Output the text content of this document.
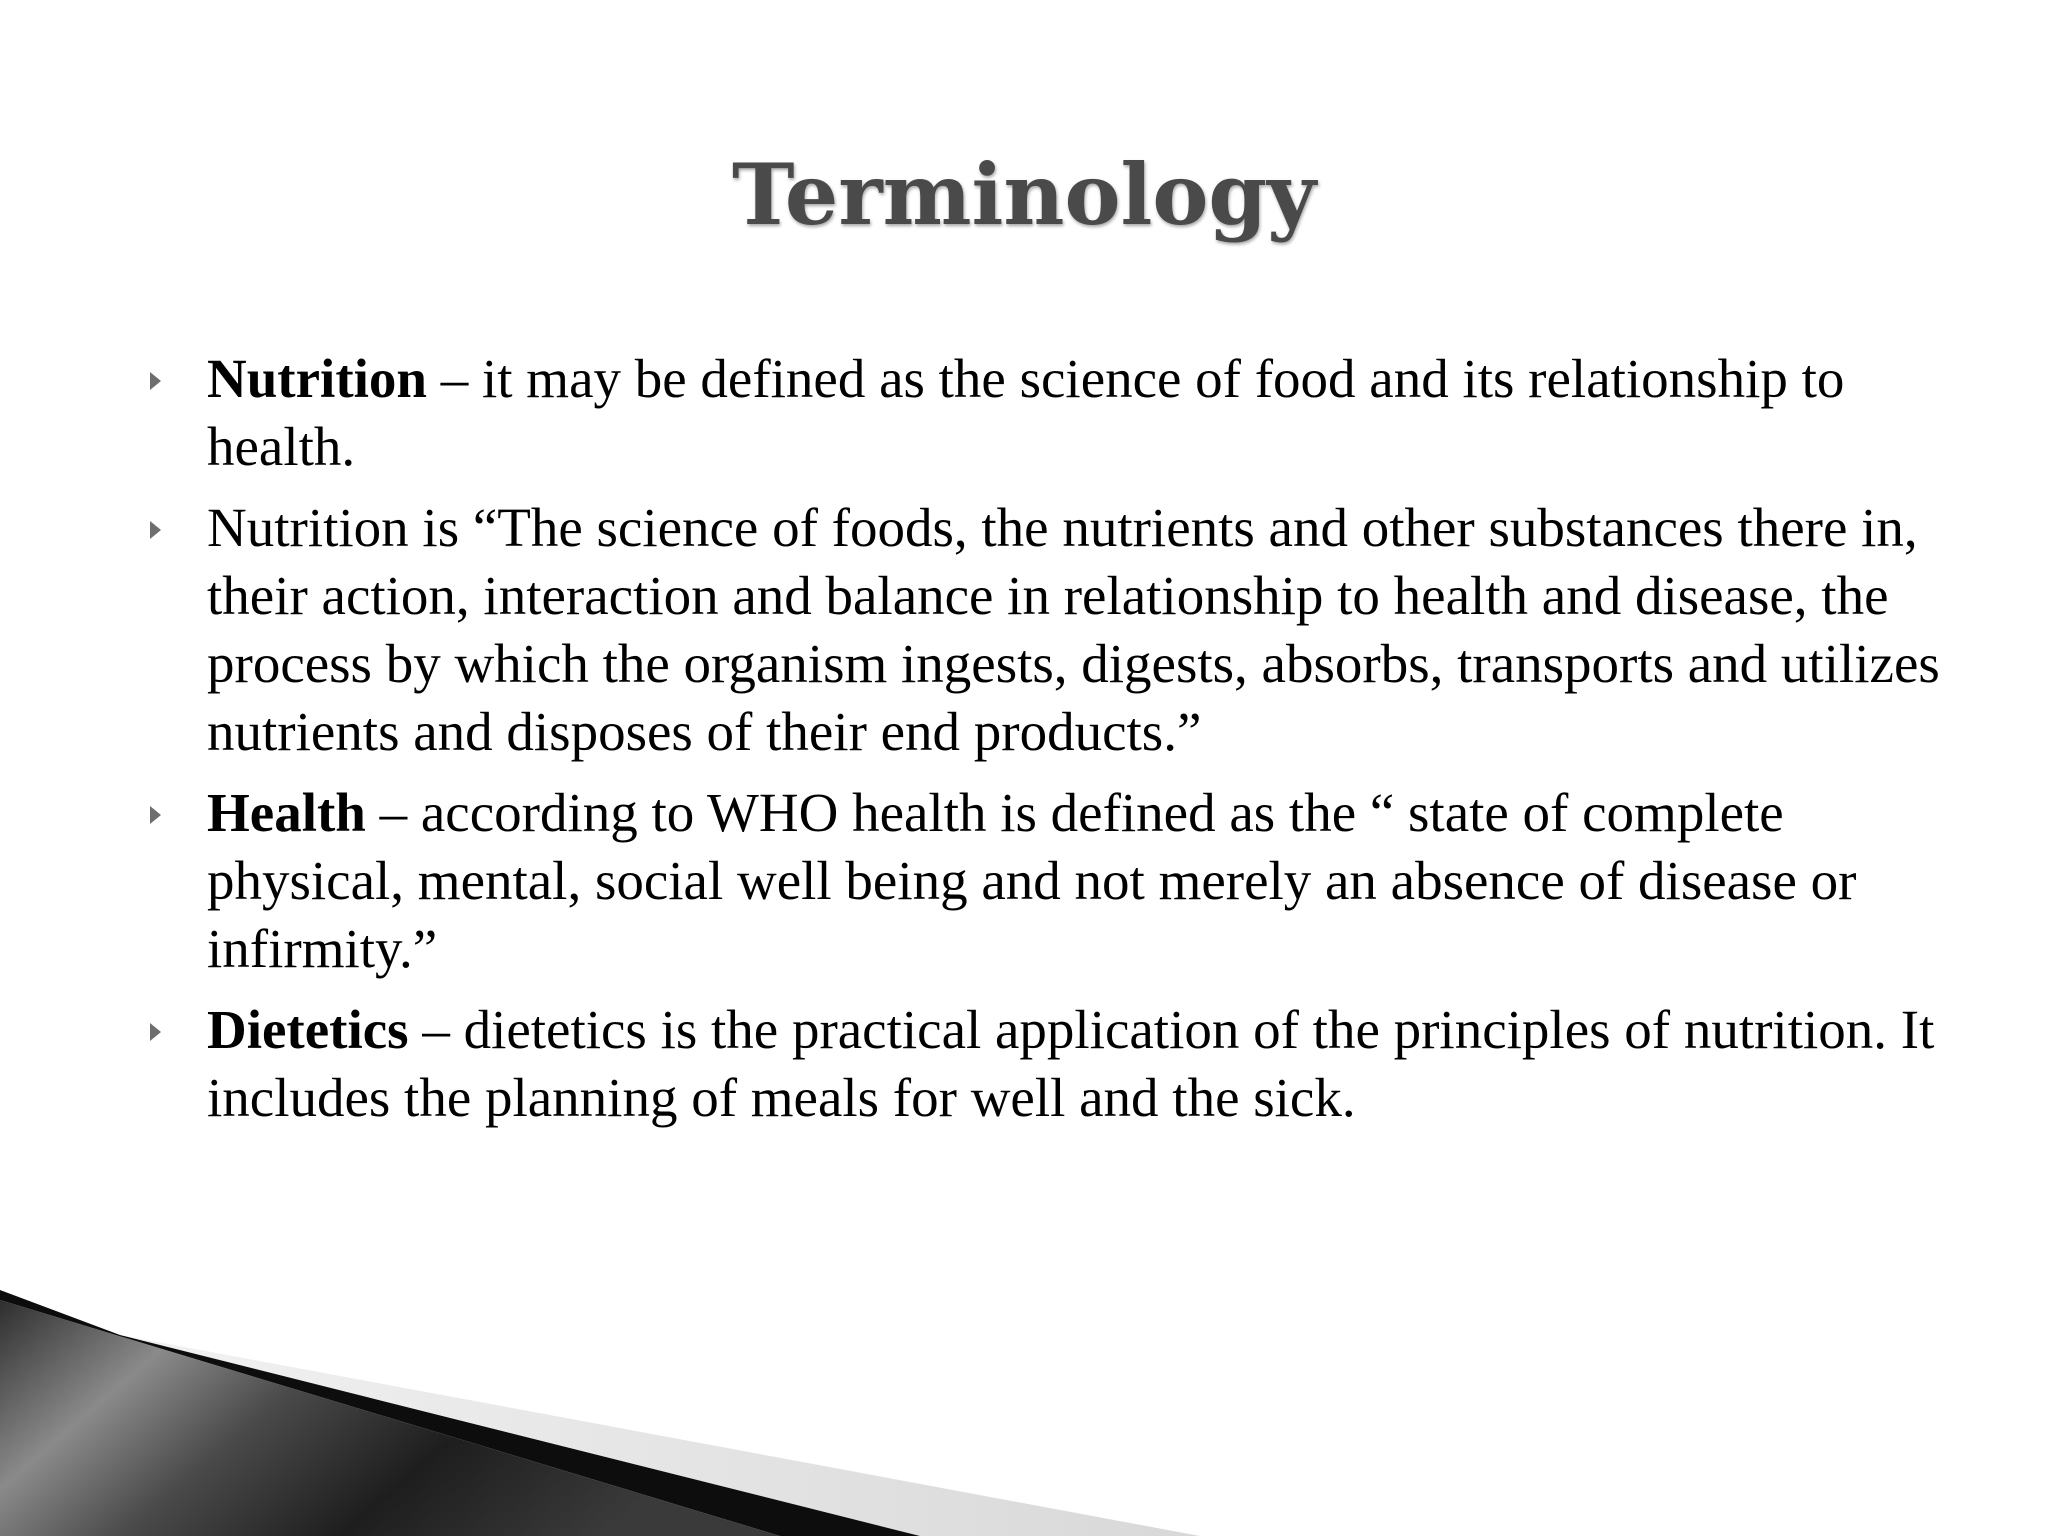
Terminology
Nutrition – it may be defined as the science of food and its relationship to health.
Nutrition is “The science of foods, the nutrients and other substances there in, their action, interaction and balance in relationship to health and disease, the process by which the organism ingests, digests, absorbs, transports and utilizes nutrients and disposes of their end products.”
Health – according to WHO health is defined as the “ state of complete physical, mental, social well being and not merely an absence of disease or infirmity.”
Dietetics – dietetics is the practical application of the principles of nutrition. It includes the planning of meals for well and the sick.
